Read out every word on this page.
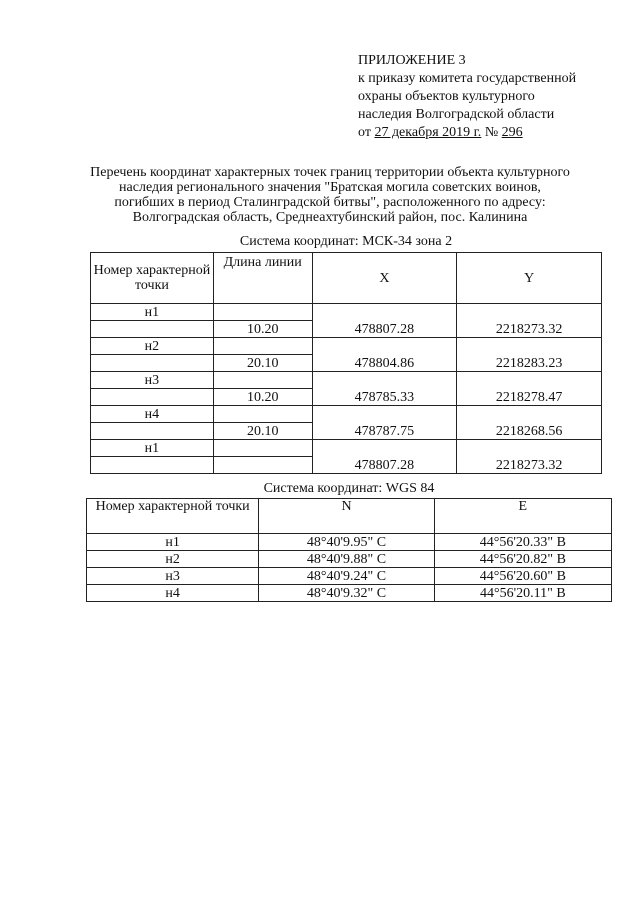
ПРИЛОЖЕНИЕ 3
к приказу комитета государственной
охраны объектов культурного
наследия Волгоградской области
от 27 декабря 2019 г. № 296
Перечень координат характерных точек границ территории объекта культурного
наследия регионального значения "Братская могила советских воинов,
погибших в период Сталинградской битвы", расположенного по адресу:
Волгоградская область, Среднеахтубинский район, пос. Калинина
Система координат: МСК-34 зона 2
Номер характерной точки	Длина линии	X	Y
н1		478807.28	2218273.32
	10.20		
н2		478804.86	2218283.23
	20.10		
н3		478785.33	2218278.47
	10.20		
н4		478787.75	2218268.56
	20.10		
н1		478807.28	2218273.32

Система координат: WGS 84
Номер характерной точки	N	E
н1	48°40'9.95" С	44°56'20.33" В
н2	48°40'9.88" С	44°56'20.82" В
н3	48°40'9.24" С	44°56'20.60" В
н4	48°40'9.32" С	44°56'20.11" В
